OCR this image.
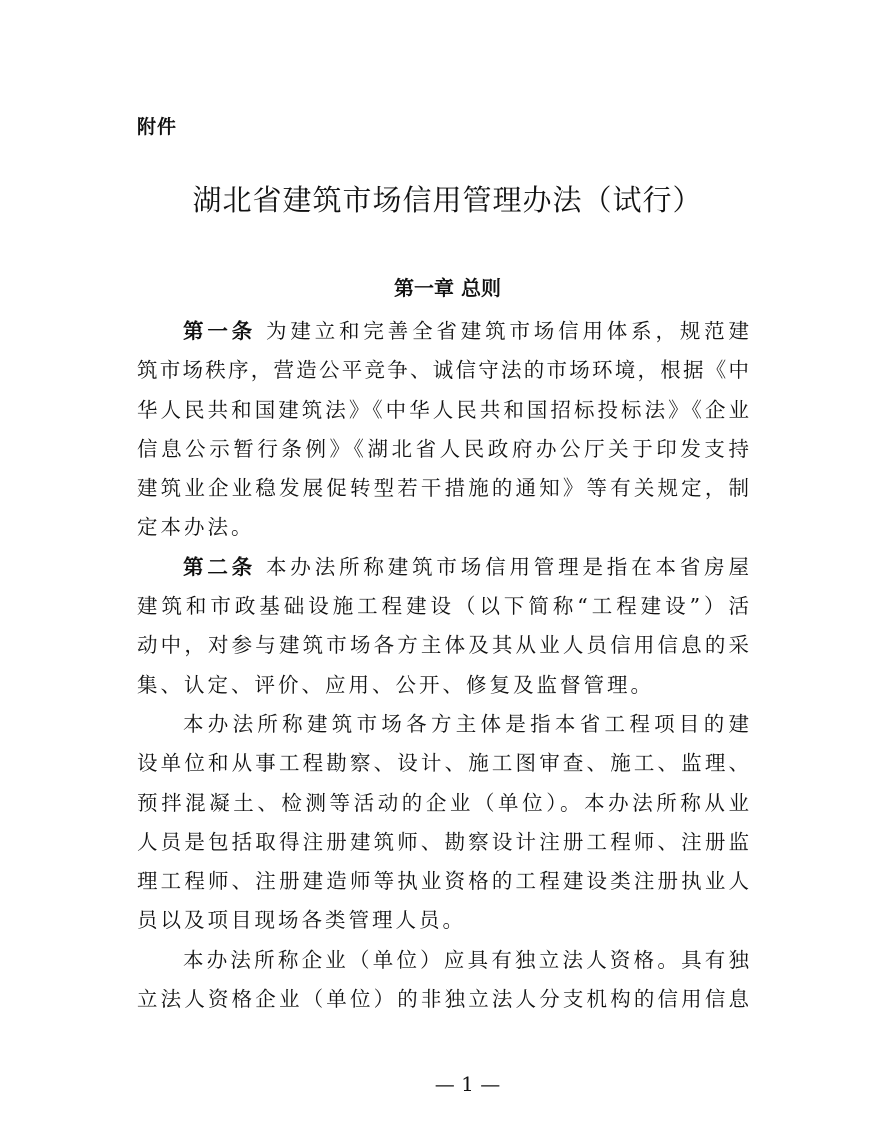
附件
湖北省建筑市场信用管理办法（试行）
第一章 总则
第一条 为建立和完善全省建筑市场信用体系，规范建
筑市场秩序，营造公平竞争、诚信守法的市场环境，根据《中
华人民共和国建筑法》《中华人民共和国招标投标法》《企业
信息公示暂行条例》《湖北省人民政府办公厅关于印发支持
建筑业企业稳发展促转型若干措施的通知》等有关规定，制
定本办法。
第二条 本办法所称建筑市场信用管理是指在本省房屋
建筑和市政基础设施工程建设（以下简称“工程建设”）活
动中，对参与建筑市场各方主体及其从业人员信用信息的采
集、认定、评价、应用、公开、修复及监督管理。
本办法所称建筑市场各方主体是指本省工程项目的建
设单位和从事工程勘察、设计、施工图审查、施工、监理、
预拌混凝土、检测等活动的企业（单位）。本办法所称从业
人员是包括取得注册建筑师、勘察设计注册工程师、注册监
理工程师、注册建造师等执业资格的工程建设类注册执业人
员以及项目现场各类管理人员。
本办法所称企业（单位）应具有独立法人资格。具有独
立法人资格企业（单位）的非独立法人分支机构的信用信息
— 1 —
